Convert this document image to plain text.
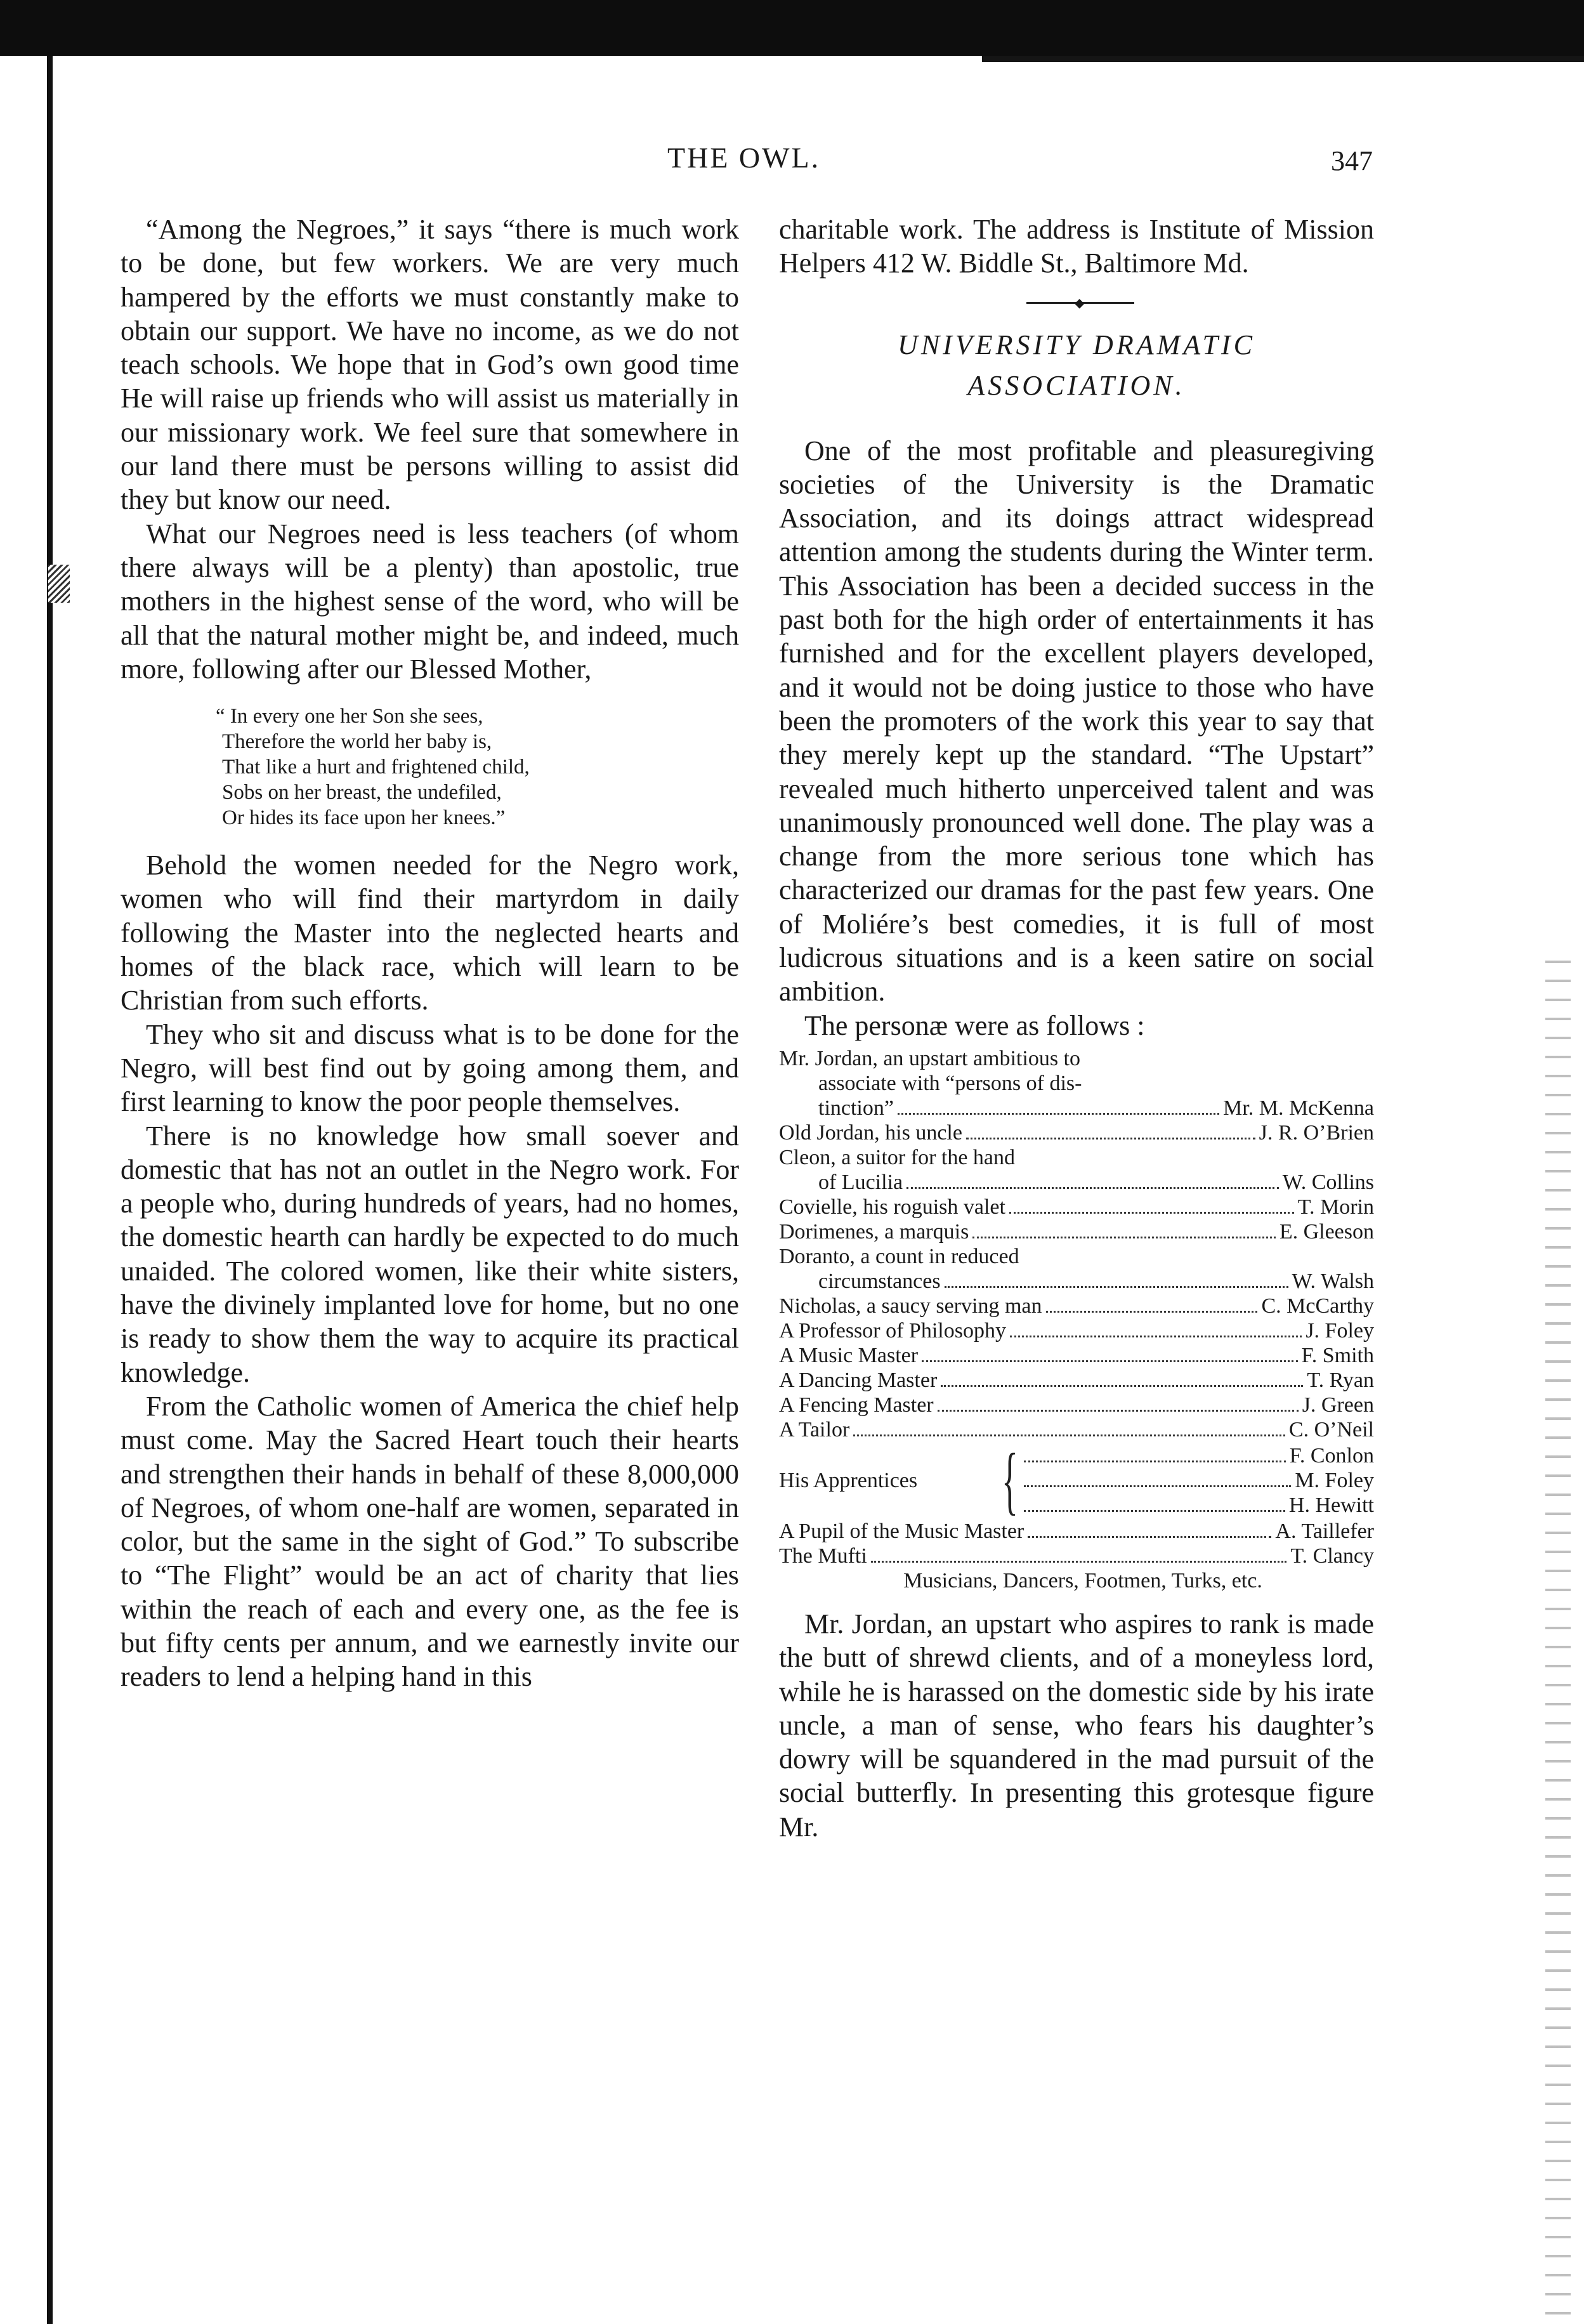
THE OWL.	347

“Among the Negroes,” it says “there is much work to be done, but few workers. We are very much hampered by the efforts we must constantly make to obtain our support. We have no income, as we do not teach schools. We hope that in God’s own good time He will raise up friends who will assist us materially in our missionary work. We feel sure that somewhere in our land there must be persons willing to assist did they but know our need.

What our Negroes need is less teachers (of whom there always will be a plenty) than apostolic, true mothers in the highest sense of the word, who will be all that the natural mother might be, and indeed, much more, following after our Blessed Mother,

“ In every one her Son she sees,
Therefore the world her baby is,
That like a hurt and frightened child,
Sobs on her breast, the undefiled,
Or hides its face upon her knees.”

Behold the women needed for the Negro work, women who will find their martyrdom in daily following the Master into the neglected hearts and homes of the black race, which will learn to be Christian from such efforts.

They who sit and discuss what is to be done for the Negro, will best find out by going among them, and first learning to know the poor people themselves.

There is no knowledge how small soever and domestic that has not an outlet in the Negro work. For a people who, during hundreds of years, had no homes, the domestic hearth can hardly be expected to do much unaided. The colored women, like their white sisters, have the divinely implanted love for home, but no one is ready to show them the way to acquire its practical knowledge.

From the Catholic women of America the chief help must come. May the Sacred Heart touch their hearts and strengthen their hands in behalf of these 8,000,000 of Negroes, of whom one-half are women, separated in color, but the same in the sight of God.” To subscribe to “The Flight” would be an act of charity that lies within the reach of each and every one, as the fee is but fifty cents per annum, and we earnestly invite our readers to lend a helping hand in this

charitable work. The address is Institute of Mission Helpers 412 W. Biddle St., Baltimore Md.

◆
UNIVERSITY DRAMATIC
ASSOCIATION.

One of the most profitable and pleasuregiving societies of the University is the Dramatic Association, and its doings attract widespread attention among the students during the Winter term. This Association has been a decided success in the past both for the high order of entertainments it has furnished and for the excellent players developed, and it would not be doing justice to those who have been the promoters of the work this year to say that they merely kept up the standard. “The Upstart” revealed much hitherto unperceived talent and was unanimously pronounced well done. The play was a change from the more serious tone which has characterized our dramas for the past few years. One of Moliére’s best comedies, it is full of most ludicrous situations and is a keen satire on social ambition.

The personæ were as follows :

Mr. Jordan, an upstart ambitious to
associate with “persons of dis-
tinction”	Mr. M. McKenna
Old Jordan, his uncle	J. R. O’Brien
Cleon, a suitor for the hand
of Lucilia	W. Collins
Covielle, his roguish valet	T. Morin
Dorimenes, a marquis	E. Gleeson
Doranto, a count in reduced
circumstances	W. Walsh
Nicholas, a saucy serving man	C. McCarthy
A Professor of Philosophy	J. Foley
A Music Master	F. Smith
A Dancing Master	T. Ryan
A Fencing Master	J. Green
A Tailor	C. O’Neil
His Apprentices	{	F. Conlon
M. Foley
H. Hewitt
A Pupil of the Music Master	A. Taillefer
The Mufti	T. Clancy
Musicians, Dancers, Footmen, Turks, etc.

Mr. Jordan, an upstart who aspires to rank is made the butt of shrewd clients, and of a moneyless lord, while he is harassed on the domestic side by his irate uncle, a man of sense, who fears his daughter’s dowry will be squandered in the mad pursuit of the social butterfly. In presenting this grotesque figure Mr.
